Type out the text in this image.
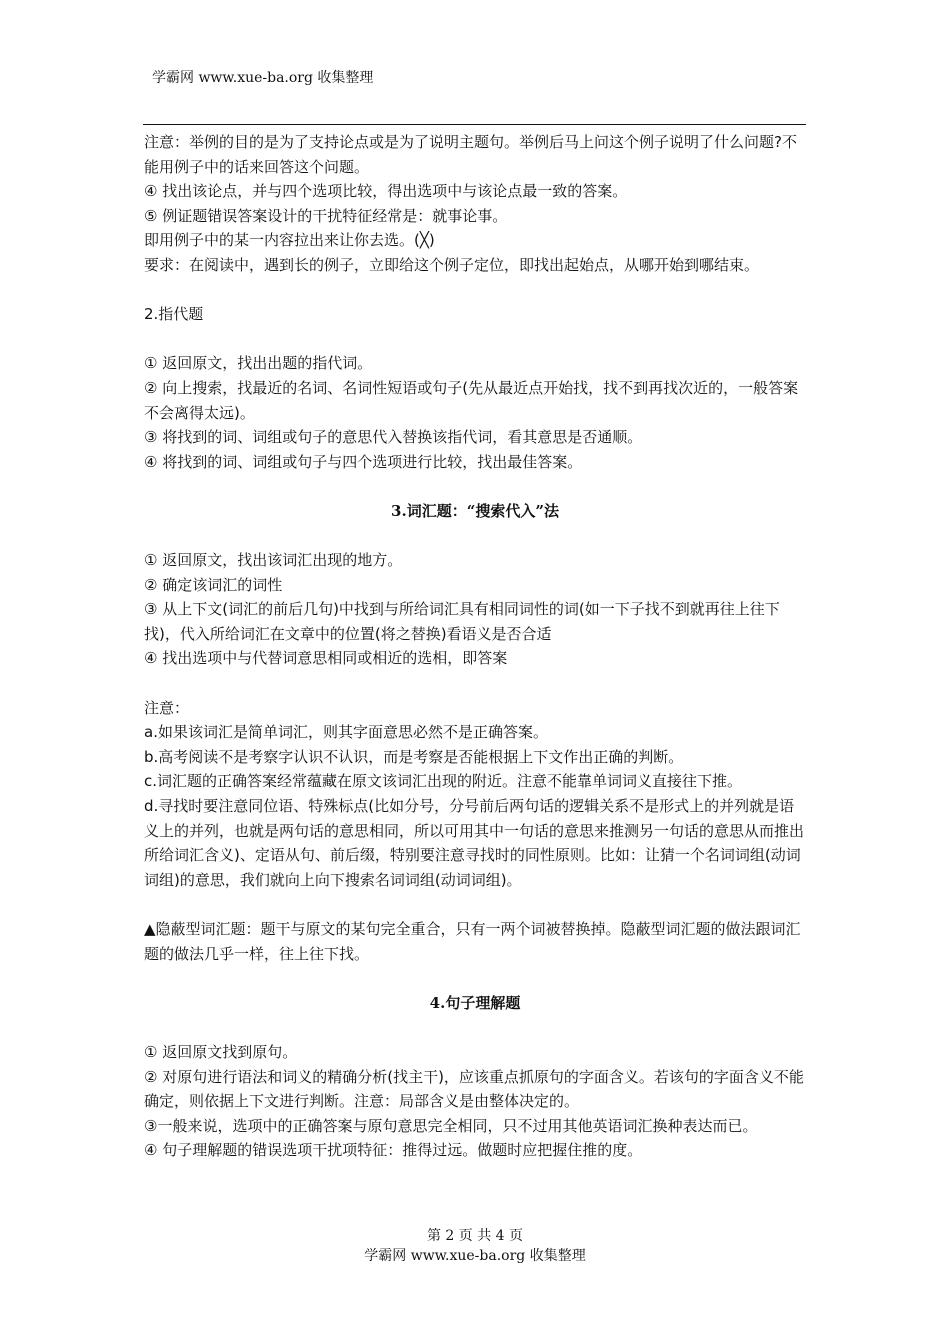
学霸网 www.xue-ba.org 收集整理

注意：举例的目的是为了支持论点或是为了说明主题句。举例后马上问这个例子说明了什么问题?不能用例子中的话来回答这个问题。

④ 找出该论点，并与四个选项比较，得出选项中与该论点最一致的答案。

⑤ 例证题错误答案设计的干扰特征经常是：就事论事。

即用例子中的某一内容拉出来让你去选。(╳)

要求：在阅读中，遇到长的例子，立即给这个例子定位，即找出起始点，从哪开始到哪结束。

2.指代题

① 返回原文，找出出题的指代词。

② 向上搜索，找最近的名词、名词性短语或句子(先从最近点开始找，找不到再找次近的，一般答案不会离得太远)。

③ 将找到的词、词组或句子的意思代入替换该指代词，看其意思是否通顺。

④ 将找到的词、词组或句子与四个选项进行比较，找出最佳答案。

3.词汇题：“搜索代入”法

① 返回原文，找出该词汇出现的地方。

② 确定该词汇的词性

③ 从上下文(词汇的前后几句)中找到与所给词汇具有相同词性的词(如一下子找不到就再往上往下找)，代入所给词汇在文章中的位置(将之替换)看语义是否合适

④ 找出选项中与代替词意思相同或相近的选相，即答案

注意：

a.如果该词汇是简单词汇，则其字面意思必然不是正确答案。

b.高考阅读不是考察字认识不认识，而是考察是否能根据上下文作出正确的判断。

c.词汇题的正确答案经常蕴藏在原文该词汇出现的附近。注意不能靠单词词义直接往下推。

d.寻找时要注意同位语、特殊标点(比如分号，分号前后两句话的逻辑关系不是形式上的并列就是语义上的并列，也就是两句话的意思相同，所以可用其中一句话的意思来推测另一句话的意思从而推出所给词汇含义)、定语从句、前后缀，特别要注意寻找时的同性原则。比如：让猜一个名词词组(动词词组)的意思，我们就向上向下搜索名词词组(动词词组)。

▲隐蔽型词汇题：题干与原文的某句完全重合，只有一两个词被替换掉。隐蔽型词汇题的做法跟词汇题的做法几乎一样，往上往下找。

4.句子理解题

① 返回原文找到原句。

② 对原句进行语法和词义的精确分析(找主干)，应该重点抓原句的字面含义。若该句的字面含义不能确定，则依据上下文进行判断。注意：局部含义是由整体决定的。

③一般来说，选项中的正确答案与原句意思完全相同，只不过用其他英语词汇换种表达而已。

④ 句子理解题的错误选项干扰项特征：推得过远。做题时应把握住推的度。

第 2 页 共 4 页
学霸网 www.xue-ba.org 收集整理
